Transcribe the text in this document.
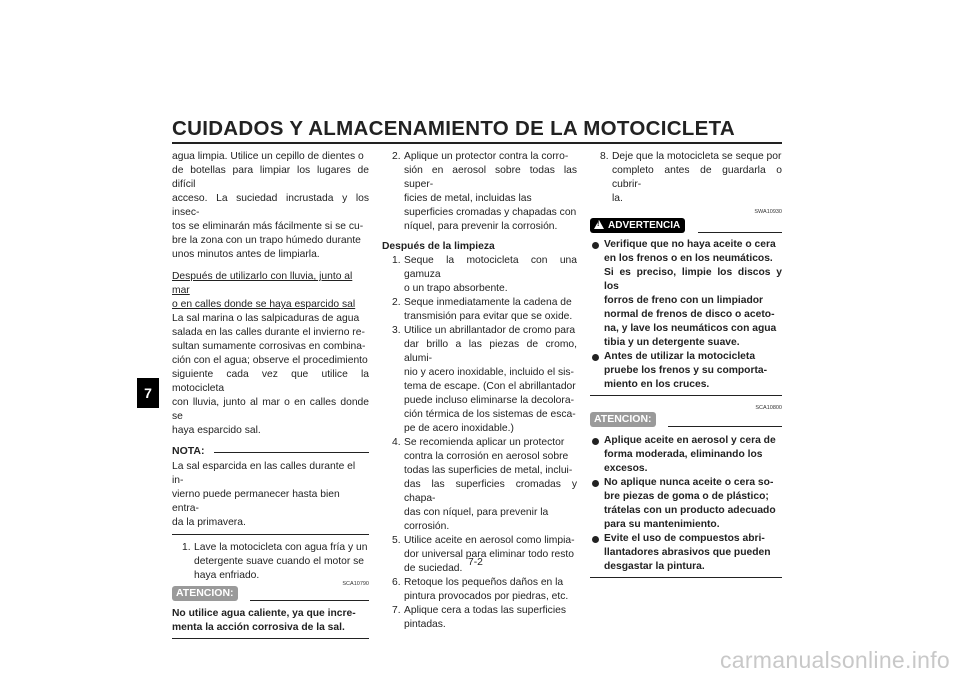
CUIDADOS Y ALMACENAMIENTO DE LA MOTOCICLETA
7
agua limpia. Utilice un cepillo de dientes o
de botellas para limpiar los lugares de difícil
acceso. La suciedad incrustada y los insec-
tos se eliminarán más fácilmente si se cu-
bre la zona con un trapo húmedo durante
unos minutos antes de limpiarla.
Después de utilizarlo con lluvia, junto al mar
o en calles donde se haya esparcido sal
La sal marina o las salpicaduras de agua
salada en las calles durante el invierno re-
sultan sumamente corrosivas en combina-
ción con el agua; observe el procedimiento
siguiente cada vez que utilice la motocicleta
con lluvia, junto al mar o en calles donde se
haya esparcido sal.
NOTA:
La sal esparcida en las calles durante el in-
vierno puede permanecer hasta bien entra-
da la primavera.
1. Lave la motocicleta con agua fría y un
detergente suave cuando el motor se
haya enfriado.
ATENCION:
SCA10790
No utilice agua caliente, ya que incre-
menta la acción corrosiva de la sal.
2. Aplique un protector contra la corro-
sión en aerosol sobre todas las super-
ficies de metal, incluidas las
superficies cromadas y chapadas con
níquel, para prevenir la corrosión.
Después de la limpieza
1. Seque la motocicleta con una gamuza
o un trapo absorbente.
2. Seque inmediatamente la cadena de
transmisión para evitar que se oxide.
3. Utilice un abrillantador de cromo para
dar brillo a las piezas de cromo, alumi-
nio y acero inoxidable, incluido el sis-
tema de escape. (Con el abrillantador
puede incluso eliminarse la decolora-
ción térmica de los sistemas de esca-
pe de acero inoxidable.)
4. Se recomienda aplicar un protector
contra la corrosión en aerosol sobre
todas las superficies de metal, inclui-
das las superficies cromadas y chapa-
das con níquel, para prevenir la
corrosión.
5. Utilice aceite en aerosol como limpia-
dor universal para eliminar todo resto
de suciedad.
6. Retoque los pequeños daños en la
pintura provocados por piedras, etc.
7. Aplique cera a todas las superficies
pintadas.
8. Deje que la motocicleta se seque por
completo antes de guardarla o cubrir-
la.
SWA10930
! ADVERTENCIA
Verifique que no haya aceite o cera
en los frenos o en los neumáticos.
Si es preciso, limpie los discos y los
forros de freno con un limpiador
normal de frenos de disco o aceto-
na, y lave los neumáticos con agua
tibia y un detergente suave.
Antes de utilizar la motocicleta
pruebe los frenos y su comporta-
miento en los cruces.
SCA10800
ATENCION:
Aplique aceite en aerosol y cera de
forma moderada, eliminando los
excesos.
No aplique nunca aceite o cera so-
bre piezas de goma o de plástico;
trátelas con un producto adecuado
para su mantenimiento.
Evite el uso de compuestos abri-
llantadores abrasivos que pueden
desgastar la pintura.
7-2
carmanualsonline.info
